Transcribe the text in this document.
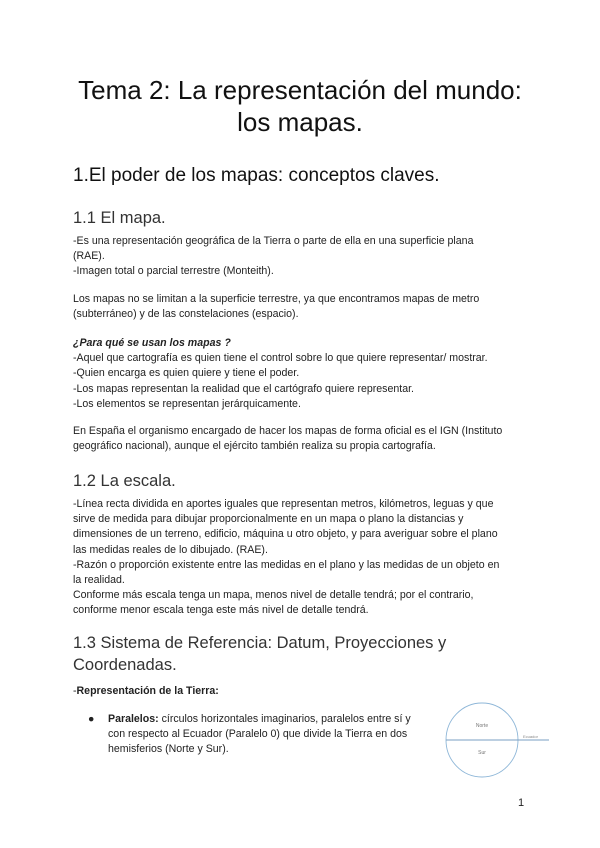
Tema 2: La representación del mundo:
los mapas.
1.El poder de los mapas: conceptos claves.
1.1 El mapa.
-Es una representación geográfica de la Tierra o parte de ella en una superficie plana
(RAE).
-Imagen total o parcial terrestre (Monteith).
Los mapas no se limitan a la superficie terrestre, ya que encontramos mapas de metro
(subterráneo) y de las constelaciones (espacio).
¿Para qué se usan los mapas ?
-Aquel que cartografía es quien tiene el control sobre lo que quiere representar/ mostrar.
-Quien encarga es quien quiere y tiene el poder.
-Los mapas representan la realidad que el cartógrafo quiere representar.
-Los elementos se representan jerárquicamente.
En España el organismo encargado de hacer los mapas de forma oficial es el IGN (Instituto
geográfico nacional), aunque el ejército también realiza su propia cartografía.
1.2 La escala.
-Línea recta dividida en aportes iguales que representan metros, kilómetros, leguas y que
sirve de medida para dibujar proporcionalmente en un mapa o plano la distancias y
dimensiones de un terreno, edificio, máquina u otro objeto, y para averiguar sobre el plano
las medidas reales de lo dibujado. (RAE).
-Razón o proporción existente entre las medidas en el plano y las medidas de un objeto en
la realidad.
Conforme más escala tenga un mapa, menos nivel de detalle tendrá; por el contrario,
conforme menor escala tenga este más nivel de detalle tendrá.
1.3 Sistema de Referencia: Datum, Proyecciones y
Coordenadas.
-Representación de la Tierra:
● Paralelos: círculos horizontales imaginarios, paralelos entre sí y
con respecto al Ecuador (Paralelo 0) que divide la Tierra en dos
hemisferios (Norte y Sur).
Norte
Sur
Ecuador
1
